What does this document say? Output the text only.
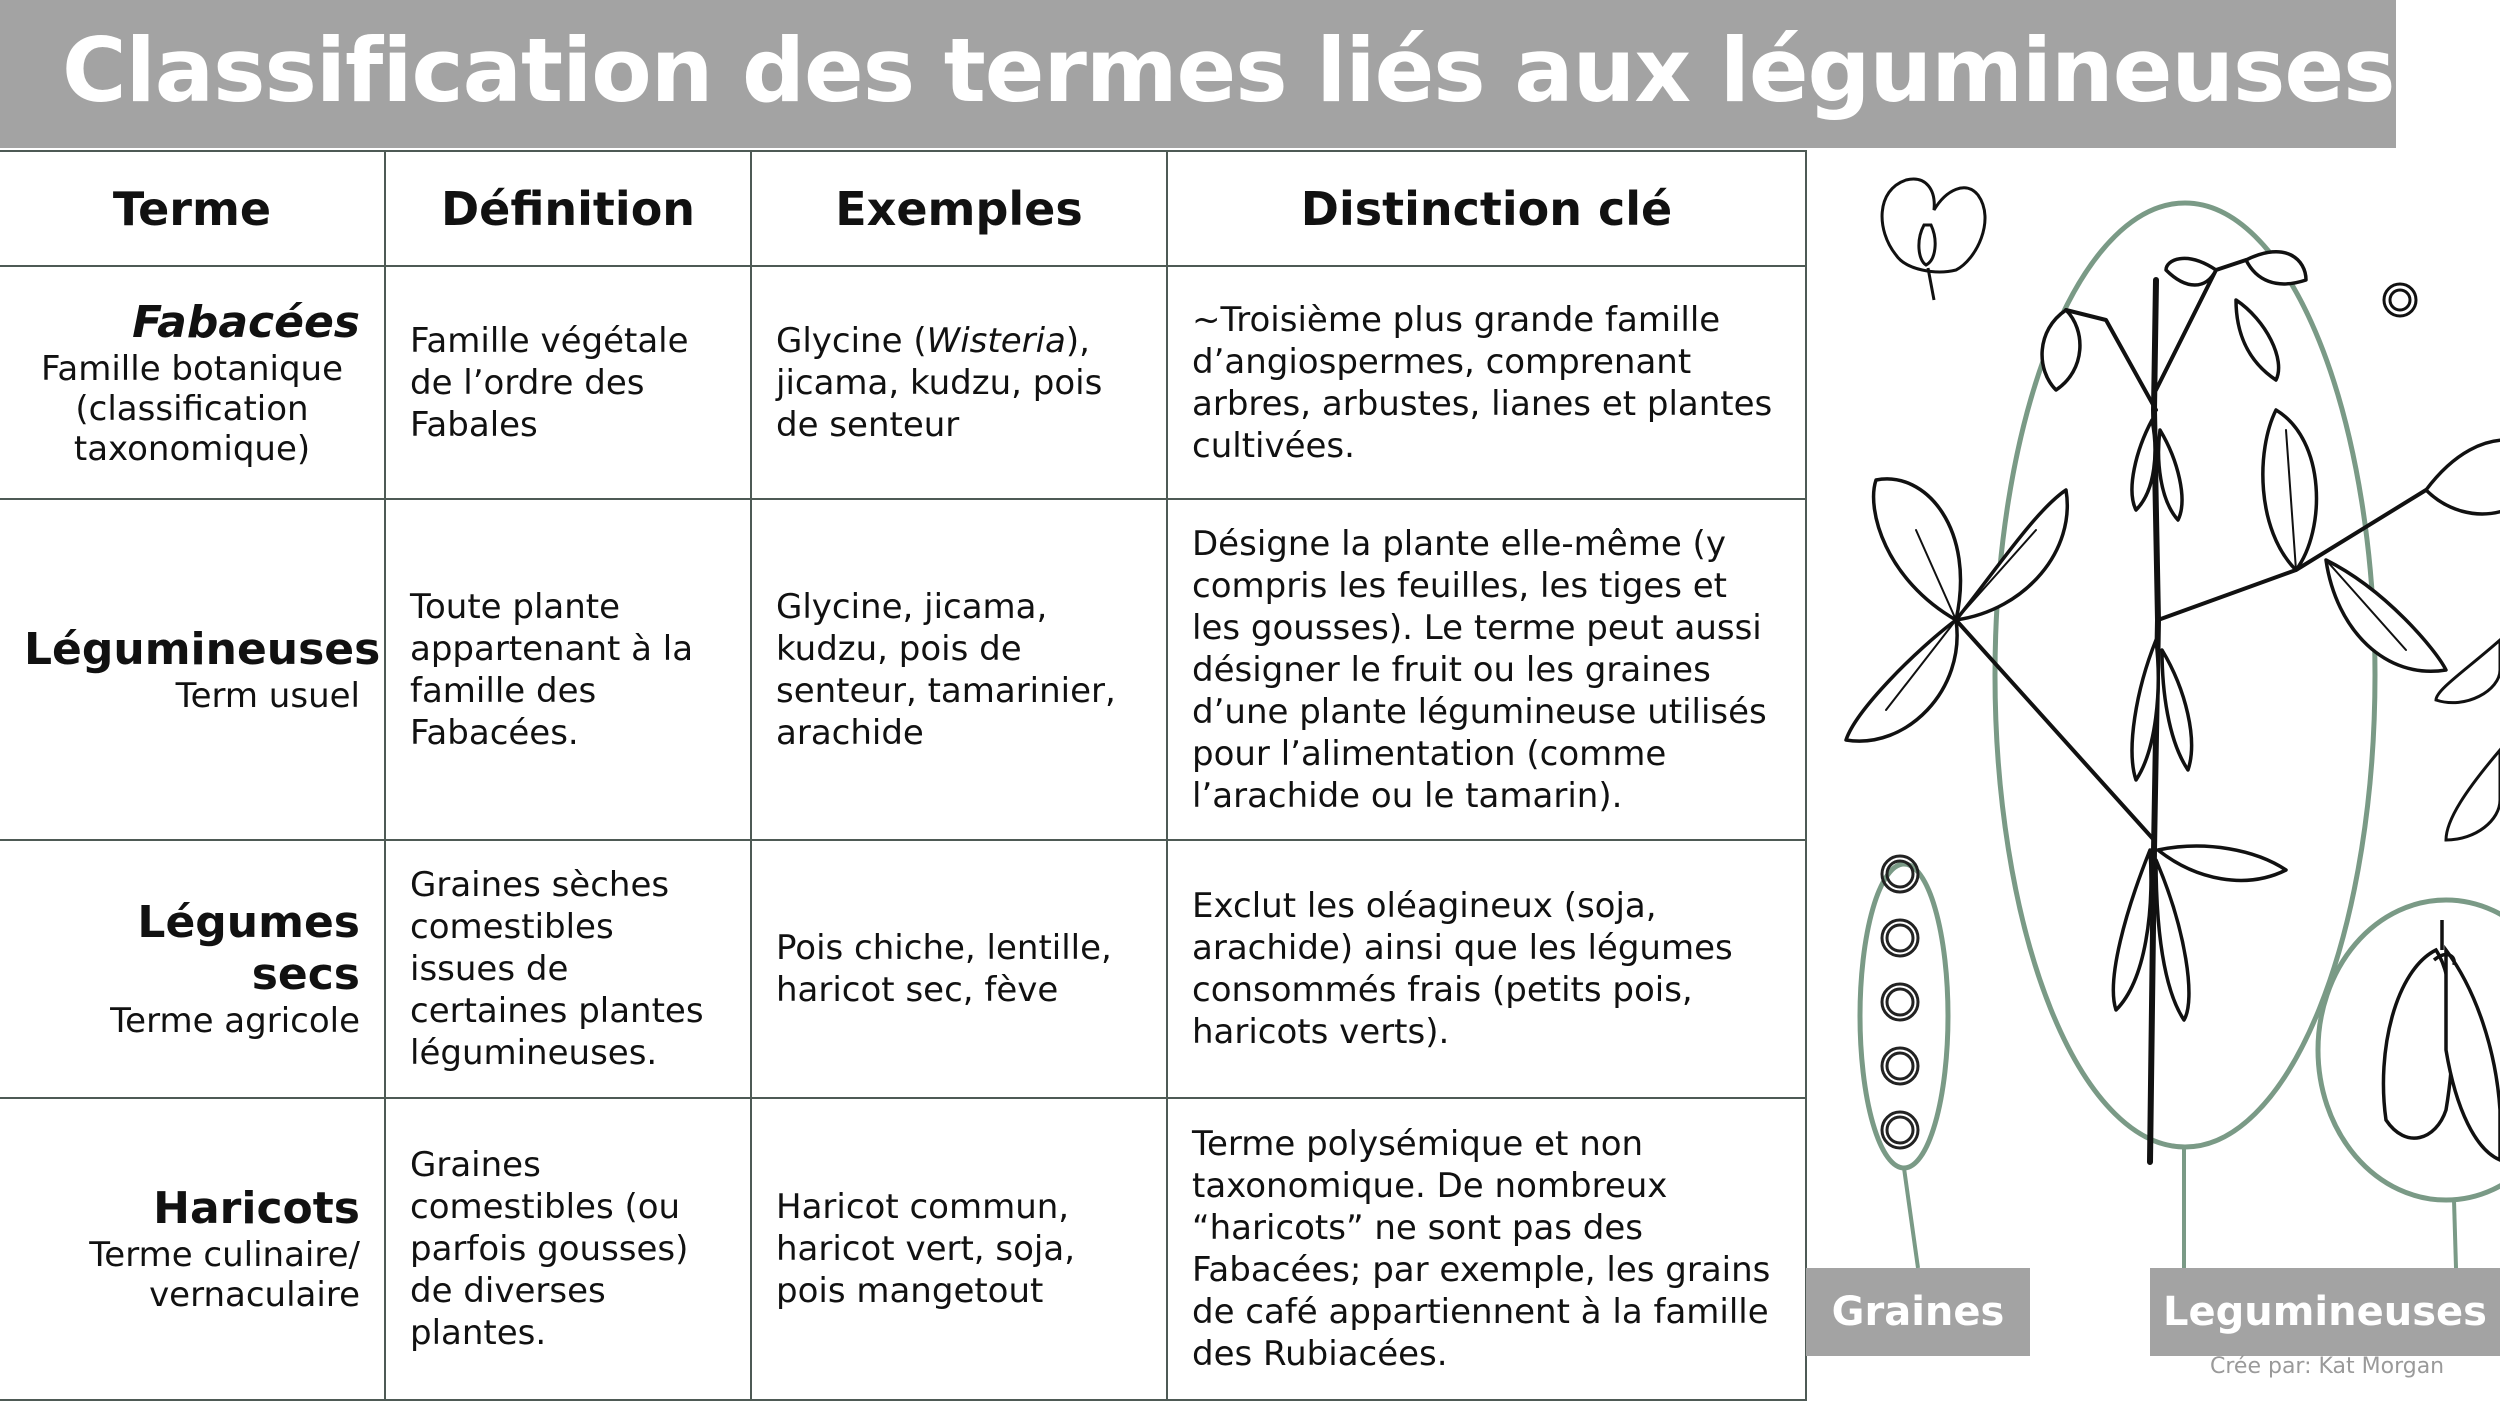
Classification des termes liés aux légumineuses
Terme	Définition	Exemples	Distinction clé

Fabacées
Famille botanique (classification taxonomique)	Famille végétale de l’ordre des Fabales	Glycine (Wisteria), jicama, kudzu, pois de senteur	~Troisième plus grande famille d’angiospermes, comprenant arbres, arbustes, lianes et plantes cultivées.

Légumineuses
Term usuel	Toute plante appartenant à la famille des Fabacées.	Glycine, jicama, kudzu, pois de senteur, tamarinier, arachide	Désigne la plante elle-même (y compris les feuilles, les tiges et les gousses). Le terme peut aussi désigner le fruit ou les graines d’une plante légumineuse utilisés pour l’alimentation (comme l’arachide ou le tamarin).

Légumes secs
Terme agricole	Graines sèches comestibles issues de certaines plantes légumineuses.	Pois chiche, lentille, haricot sec, fève	Exclut les oléagineux (soja, arachide) ainsi que les légumes consommés frais (petits pois, haricots verts).

Haricots
Terme culinaire/ vernaculaire	Graines comestibles (ou parfois gousses) de diverses plantes.	Haricot commun, haricot vert, soja, pois mangetout	Terme polysémique et non taxonomique. De nombreux “haricots” ne sont pas des Fabacées; par exemple, les grains de café appartiennent à la famille des Rubiacées.
Graines	Legumineuses
Crée par: Kat Morgan
